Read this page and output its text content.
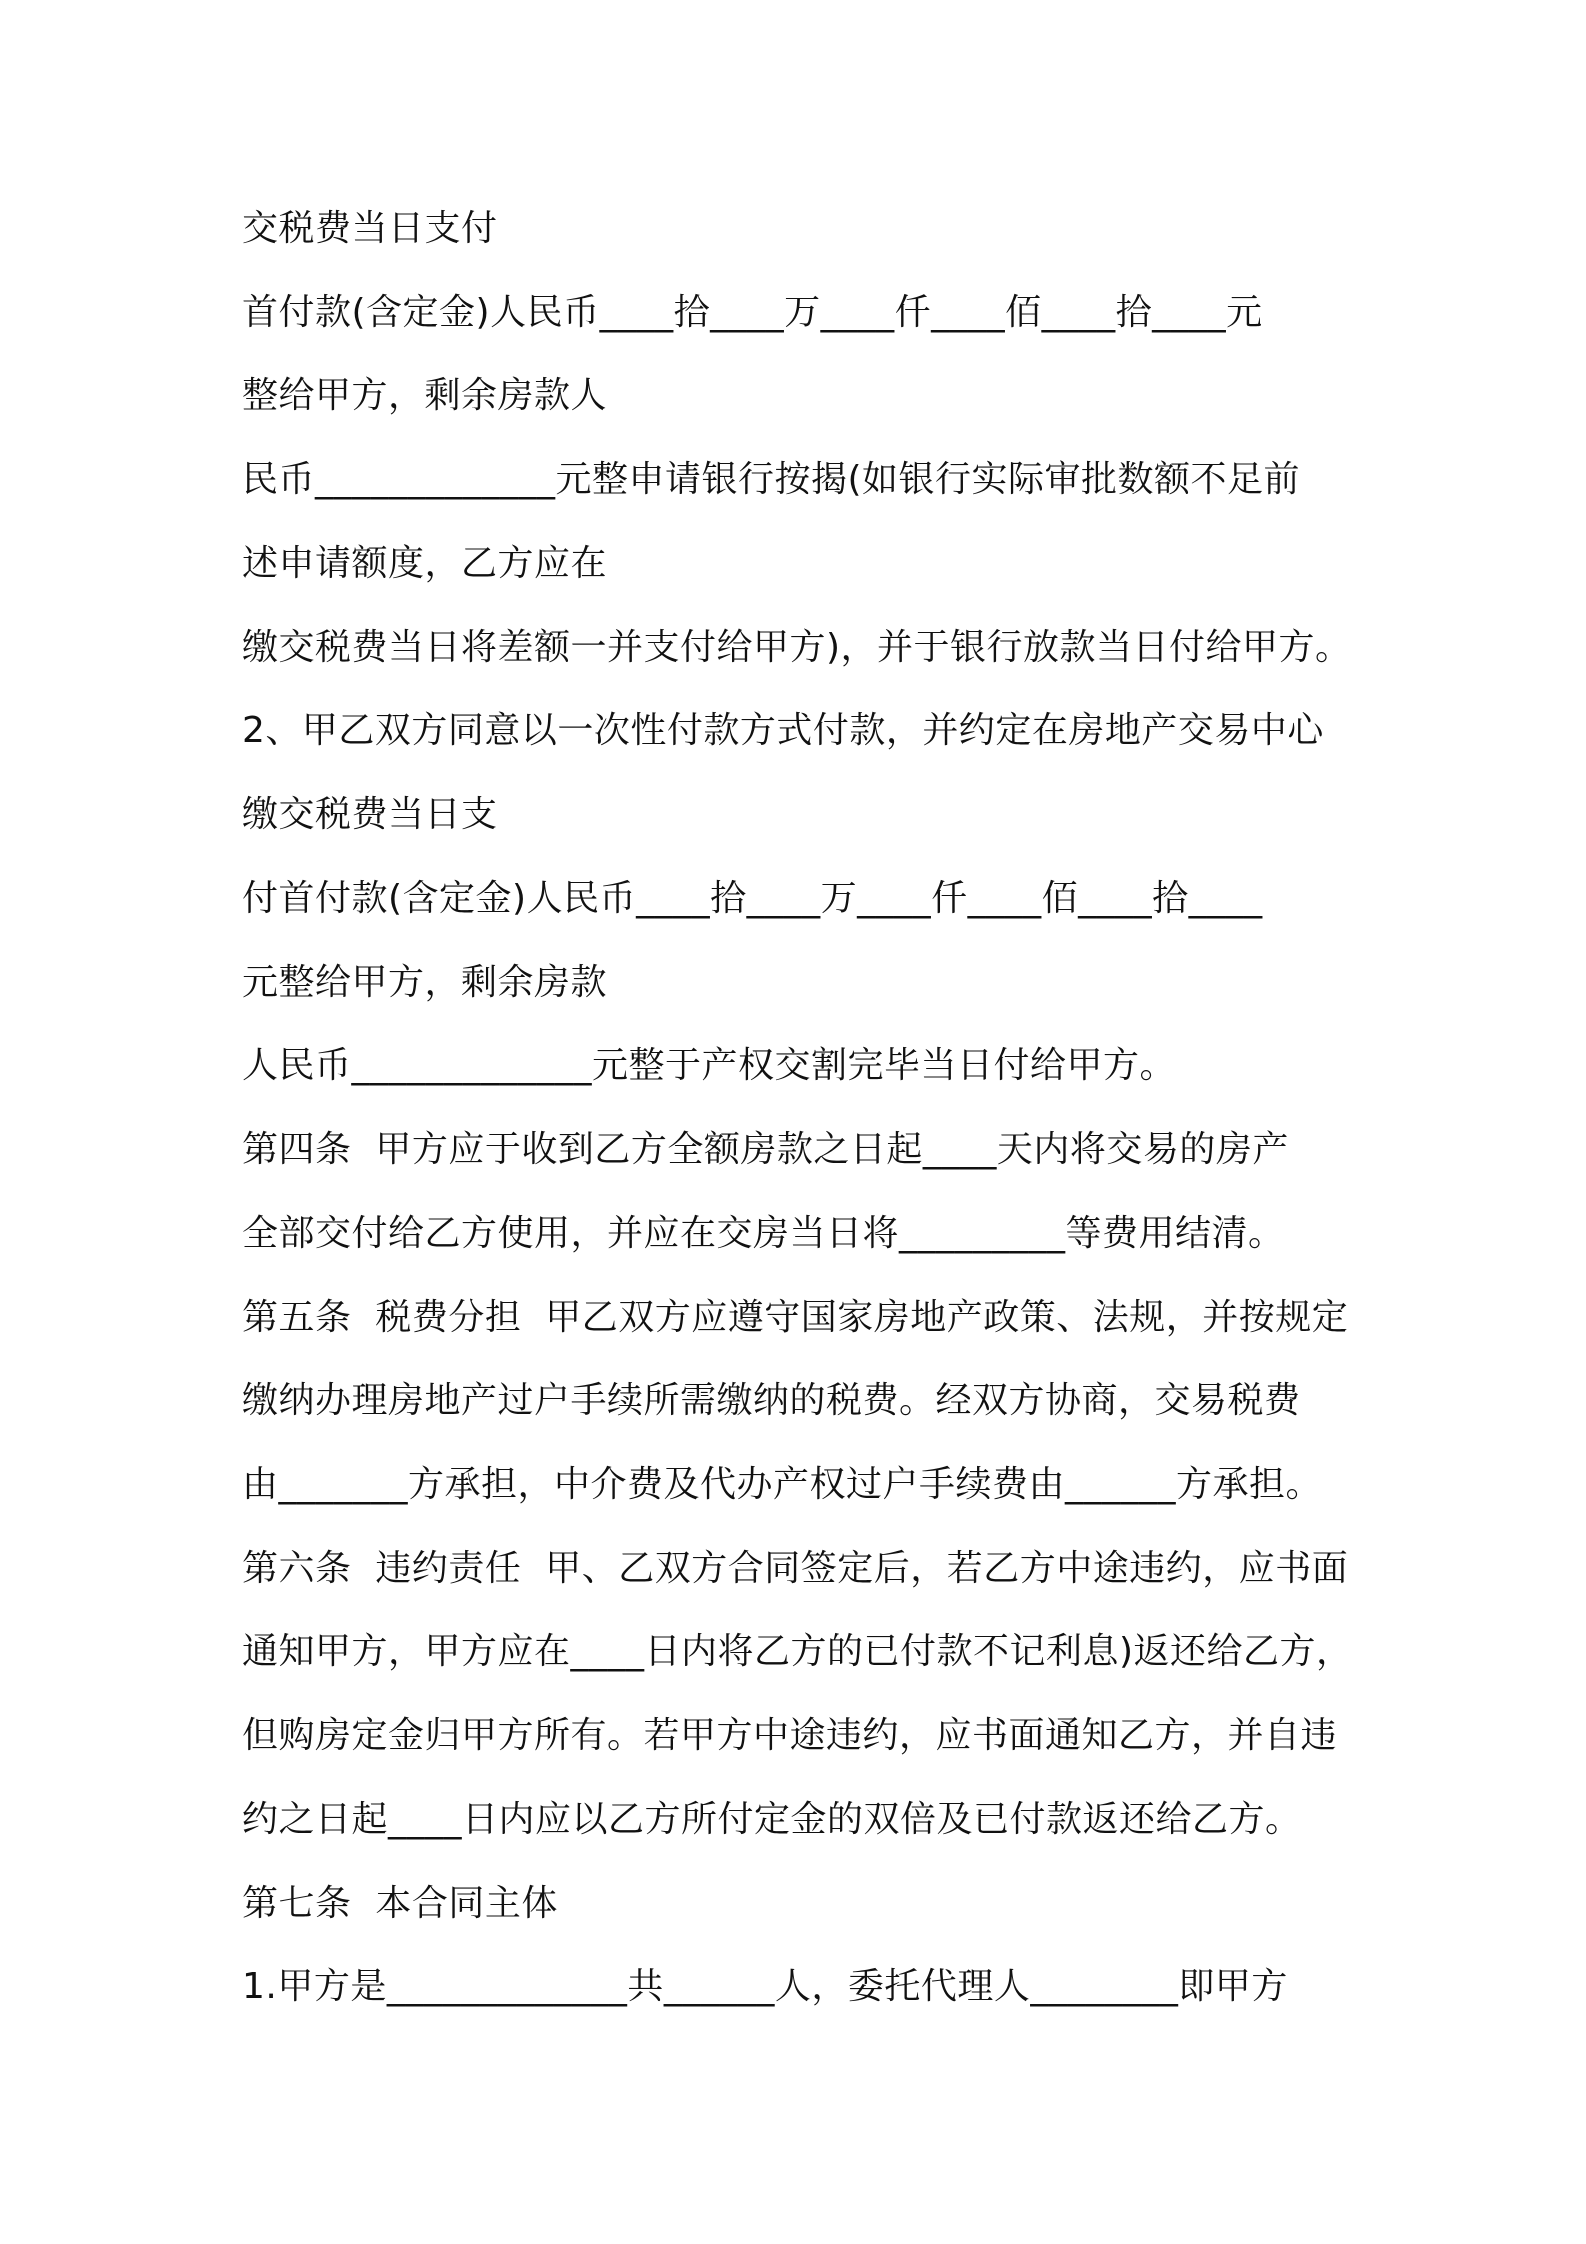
交税费当日支付

首付款(含定金)人民币____拾____万____仟____佰____拾____元

整给甲方，剩余房款人

民币_____________元整申请银行按揭(如银行实际审批数额不足前

述申请额度，乙方应在

缴交税费当日将差额一并支付给甲方)，并于银行放款当日付给甲方。

2、甲乙双方同意以一次性付款方式付款，并约定在房地产交易中心

缴交税费当日支

付首付款(含定金)人民币____拾____万____仟____佰____拾____

元整给甲方，剩余房款

人民币_____________元整于产权交割完毕当日付给甲方。

第四条  甲方应于收到乙方全额房款之日起____天内将交易的房产

全部交付给乙方使用，并应在交房当日将_________等费用结清。

第五条  税费分担  甲乙双方应遵守国家房地产政策、法规，并按规定

缴纳办理房地产过户手续所需缴纳的税费。经双方协商，交易税费

由_______方承担，中介费及代办产权过户手续费由______方承担。

第六条  违约责任  甲、乙双方合同签定后，若乙方中途违约，应书面

通知甲方，甲方应在____日内将乙方的已付款不记利息)返还给乙方，

但购房定金归甲方所有。若甲方中途违约，应书面通知乙方，并自违

约之日起____日内应以乙方所付定金的双倍及已付款返还给乙方。

第七条  本合同主体

1.甲方是_____________共______人，委托代理人________即甲方
